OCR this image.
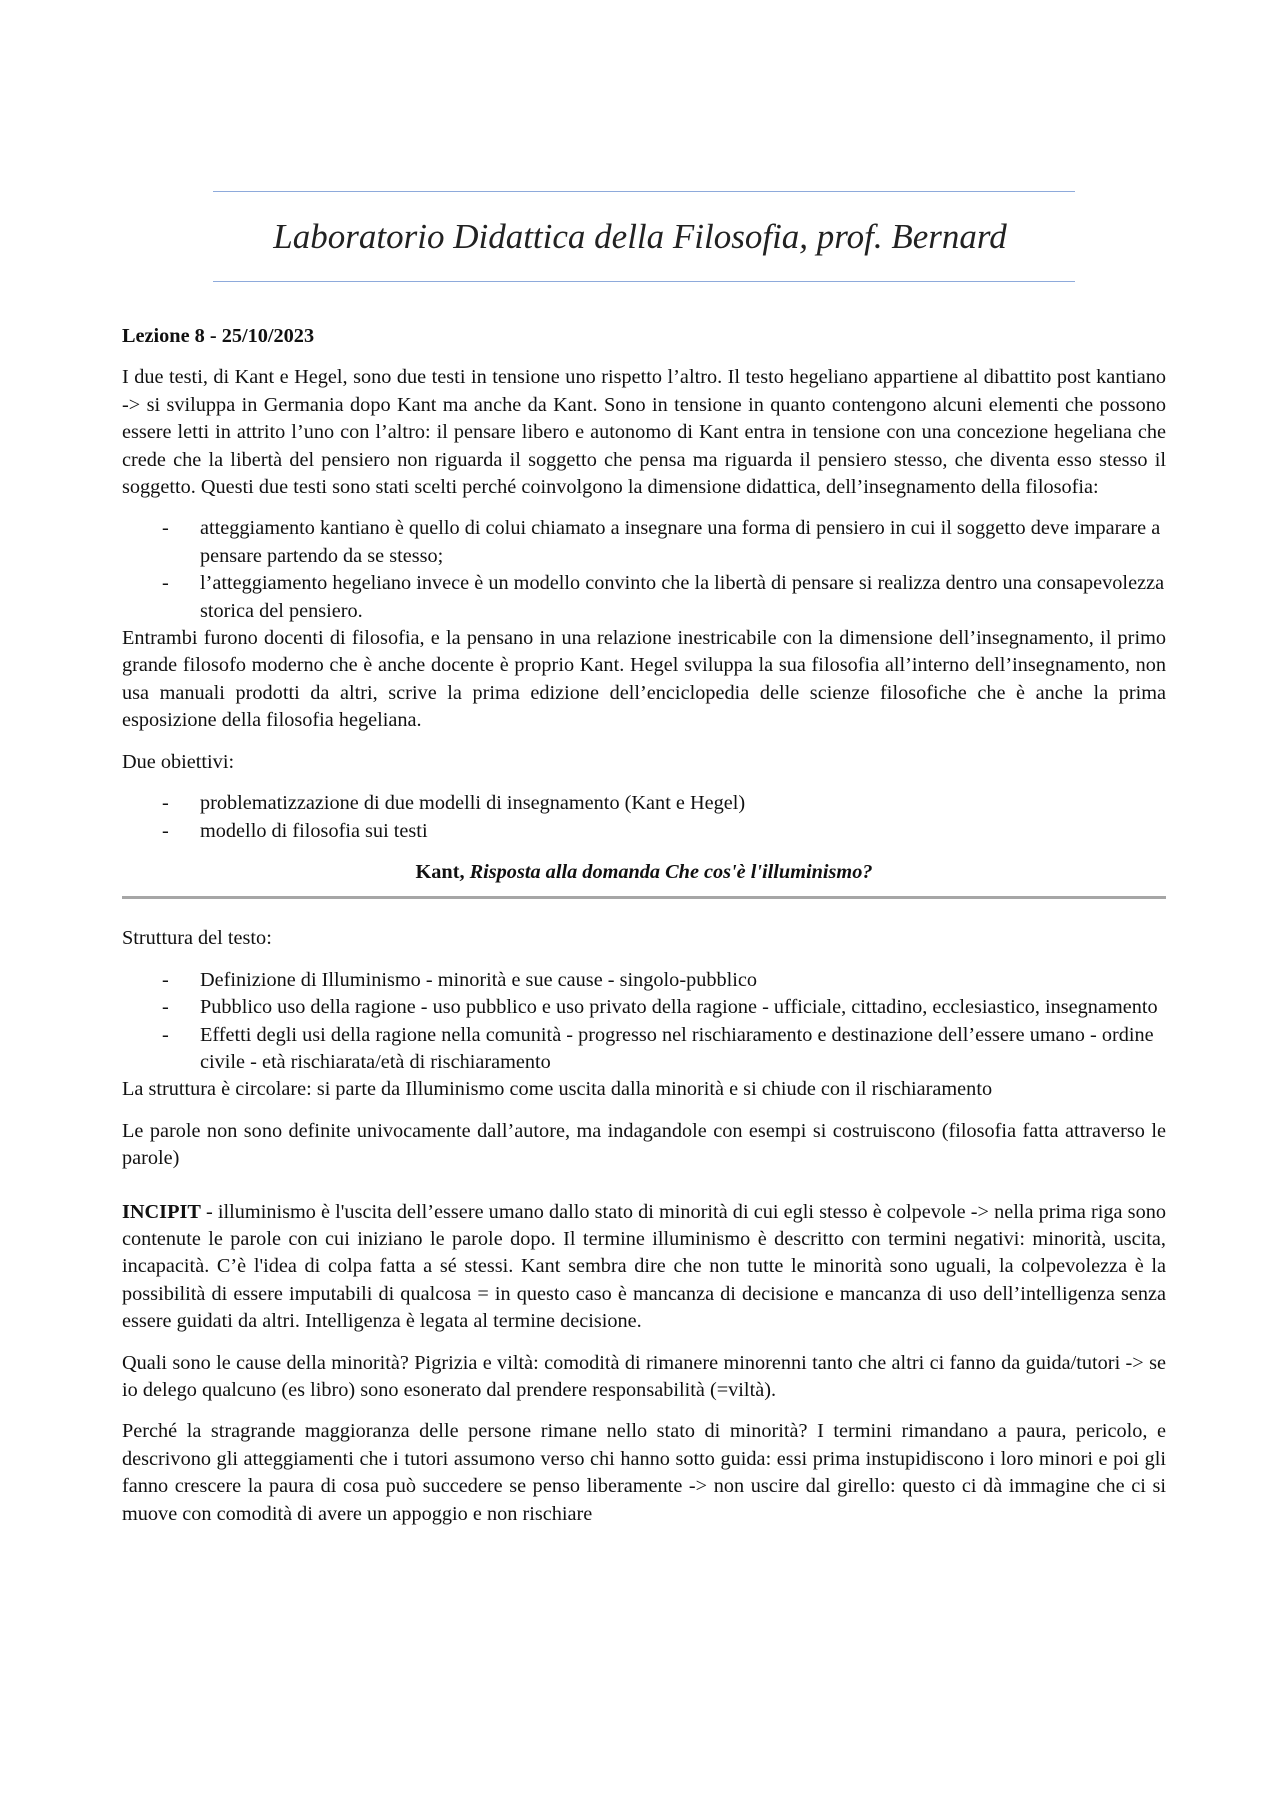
Laboratorio Didattica della Filosofia, prof. Bernard

Lezione 8 - 25/10/2023

I due testi, di Kant e Hegel, sono due testi in tensione uno rispetto l’altro. Il testo hegeliano appartiene al dibattito post kantiano -> si sviluppa in Germania dopo Kant ma anche da Kant. Sono in tensione in quanto contengono alcuni elementi che possono essere letti in attrito l’uno con l’altro: il pensare libero e autonomo di Kant entra in tensione con una concezione hegeliana che crede che la libertà del pensiero non riguarda il soggetto che pensa ma riguarda il pensiero stesso, che diventa esso stesso il soggetto. Questi due testi sono stati scelti perché coinvolgono la dimensione didattica, dell’insegnamento della filosofia:

- atteggiamento kantiano è quello di colui chiamato a insegnare una forma di pensiero in cui il soggetto deve imparare a pensare partendo da se stesso;
- l’atteggiamento hegeliano invece è un modello convinto che la libertà di pensare si realizza dentro una consapevolezza storica del pensiero.

Entrambi furono docenti di filosofia, e la pensano in una relazione inestricabile con la dimensione dell’insegnamento, il primo grande filosofo moderno che è anche docente è proprio Kant. Hegel sviluppa la sua filosofia all’interno dell’insegnamento, non usa manuali prodotti da altri, scrive la prima edizione dell’enciclopedia delle scienze filosofiche che è anche la prima esposizione della filosofia hegeliana.

Due obiettivi:

- problematizzazione di due modelli di insegnamento (Kant e Hegel)
- modello di filosofia sui testi

Kant, Risposta alla domanda Che cos'è l'illuminismo?

Struttura del testo:

- Definizione di Illuminismo - minorità e sue cause - singolo-pubblico
- Pubblico uso della ragione - uso pubblico e uso privato della ragione - ufficiale, cittadino, ecclesiastico, insegnamento
- Effetti degli usi della ragione nella comunità - progresso nel rischiaramento e destinazione dell’essere umano - ordine civile - età rischiarata/età di rischiaramento

La struttura è circolare: si parte da Illuminismo come uscita dalla minorità e si chiude con il rischiaramento

Le parole non sono definite univocamente dall’autore, ma indagandole con esempi si costruiscono (filosofia fatta attraverso le parole)

INCIPIT - illuminismo è l'uscita dell’essere umano dallo stato di minorità di cui egli stesso è colpevole -> nella prima riga sono contenute le parole con cui iniziano le parole dopo. Il termine illuminismo è descritto con termini negativi: minorità, uscita, incapacità. C’è l'idea di colpa fatta a sé stessi. Kant sembra dire che non tutte le minorità sono uguali, la colpevolezza è la possibilità di essere imputabili di qualcosa = in questo caso è mancanza di decisione e mancanza di uso dell’intelligenza senza essere guidati da altri. Intelligenza è legata al termine decisione.

Quali sono le cause della minorità? Pigrizia e viltà: comodità di rimanere minorenni tanto che altri ci fanno da guida/tutori -> se io delego qualcuno (es libro) sono esonerato dal prendere responsabilità (=viltà).

Perché la stragrande maggioranza delle persone rimane nello stato di minorità? I termini rimandano a paura, pericolo, e descrivono gli atteggiamenti che i tutori assumono verso chi hanno sotto guida: essi prima instupidiscono i loro minori e poi gli fanno crescere la paura di cosa può succedere se penso liberamente -> non uscire dal girello: questo ci dà immagine che ci si muove con comodità di avere un appoggio e non rischiare
